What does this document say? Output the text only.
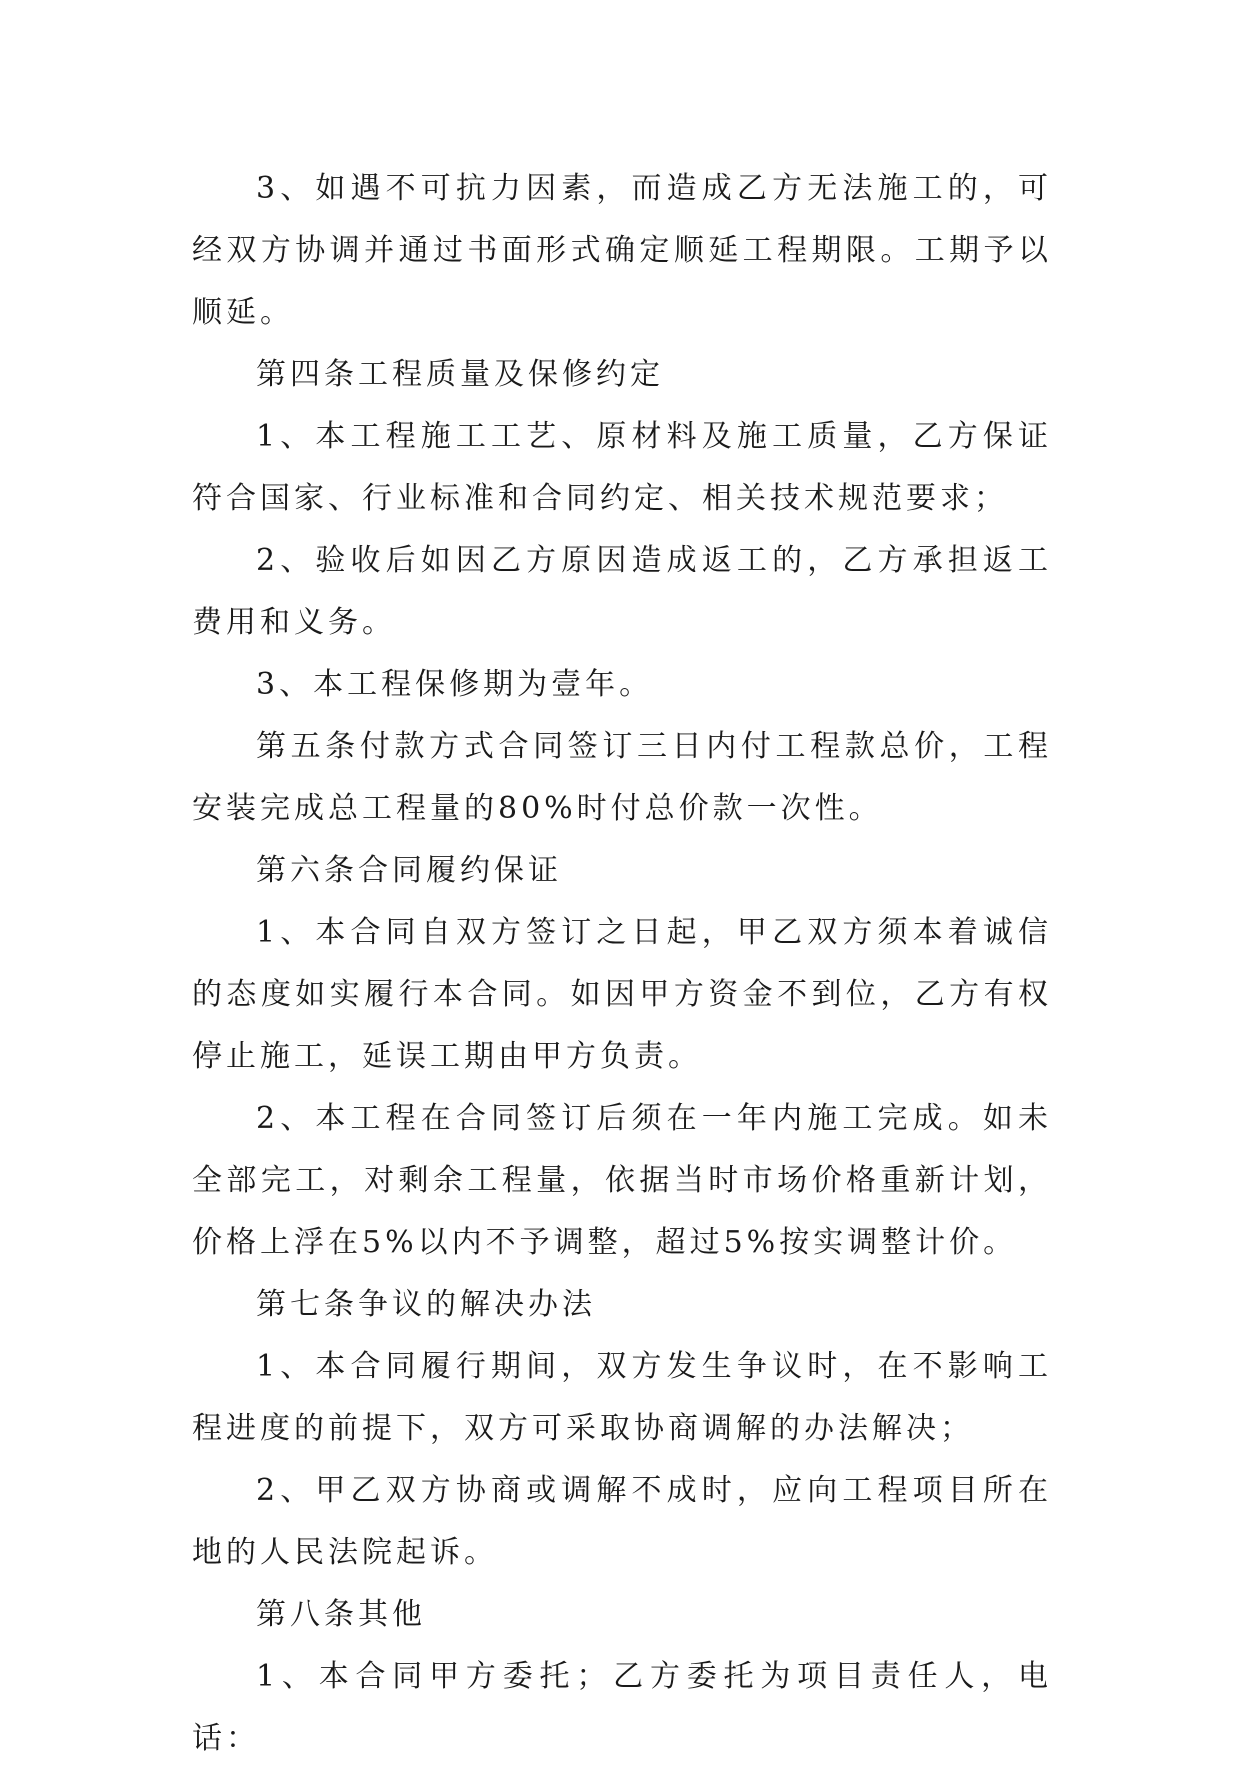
3、如遇不可抗力因素，而造成乙方无法施工的，可经双方协调并通过书面形式确定顺延工程期限。工期予以顺延。

第四条工程质量及保修约定

1、本工程施工工艺、原材料及施工质量，乙方保证符合国家、行业标准和合同约定、相关技术规范要求；

2、验收后如因乙方原因造成返工的，乙方承担返工费用和义务。

3、本工程保修期为壹年。

第五条付款方式合同签订三日内付工程款总价，工程安装完成总工程量的80%时付总价款一次性。

第六条合同履约保证

1、本合同自双方签订之日起，甲乙双方须本着诚信的态度如实履行本合同。如因甲方资金不到位，乙方有权停止施工，延误工期由甲方负责。

2、本工程在合同签订后须在一年内施工完成。如未全部完工，对剩余工程量，依据当时市场价格重新计划，价格上浮在5%以内不予调整，超过5%按实调整计价。

第七条争议的解决办法

1、本合同履行期间，双方发生争议时，在不影响工程进度的前提下，双方可采取协商调解的办法解决；

2、甲乙双方协商或调解不成时，应向工程项目所在地的人民法院起诉。

第八条其他

1、本合同甲方委托；乙方委托为项目责任人，电话：
